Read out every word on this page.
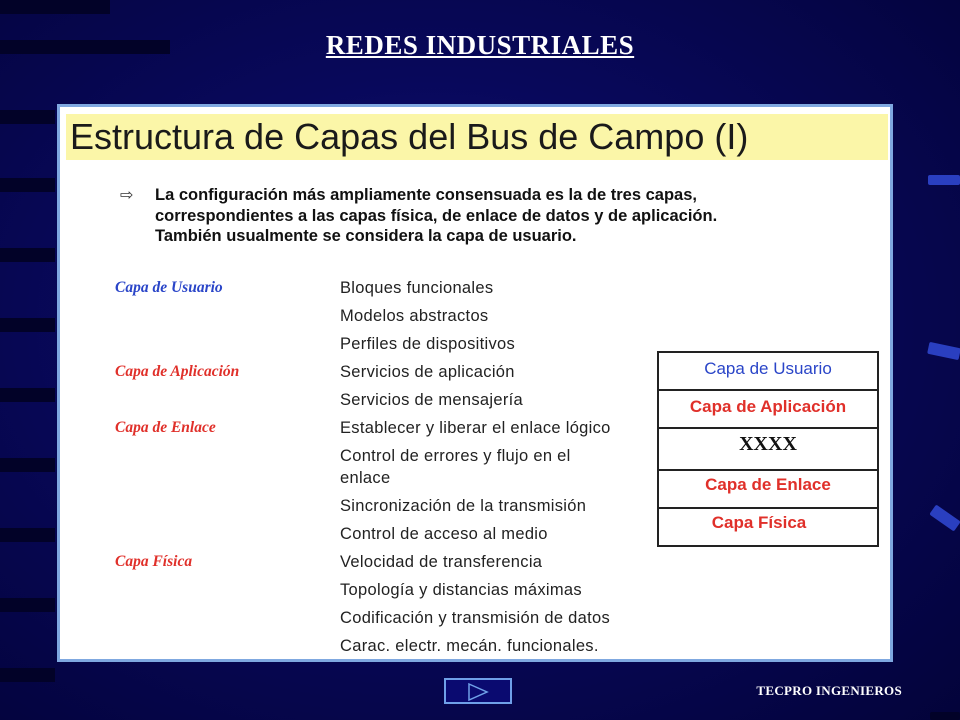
REDES INDUSTRIALES
Estructura de Capas del Bus de Campo (I)
⇨ La configuración más ampliamente consensuada es la de tres capas,
correspondientes a las capas física, de enlace de datos y de aplicación.
También usualmente se considera la capa de usuario.
Capa de Usuario
Capa de Aplicación
Capa de Enlace
Capa Física
Bloques funcionales
Modelos abstractos
Perfiles de dispositivos
Servicios de aplicación
Servicios de mensajería
Establecer y liberar el enlace lógico
Control de errores y flujo en el
enlace
Sincronización de la transmisión
Control de acceso al medio
Velocidad de transferencia
Topología y distancias máximas
Codificación y transmisión de datos
Carac. electr. mecán. funcionales.
Capa de Usuario
Capa de Aplicación
XXXX
Capa de Enlace
Capa Física
TECPRO INGENIEROS
